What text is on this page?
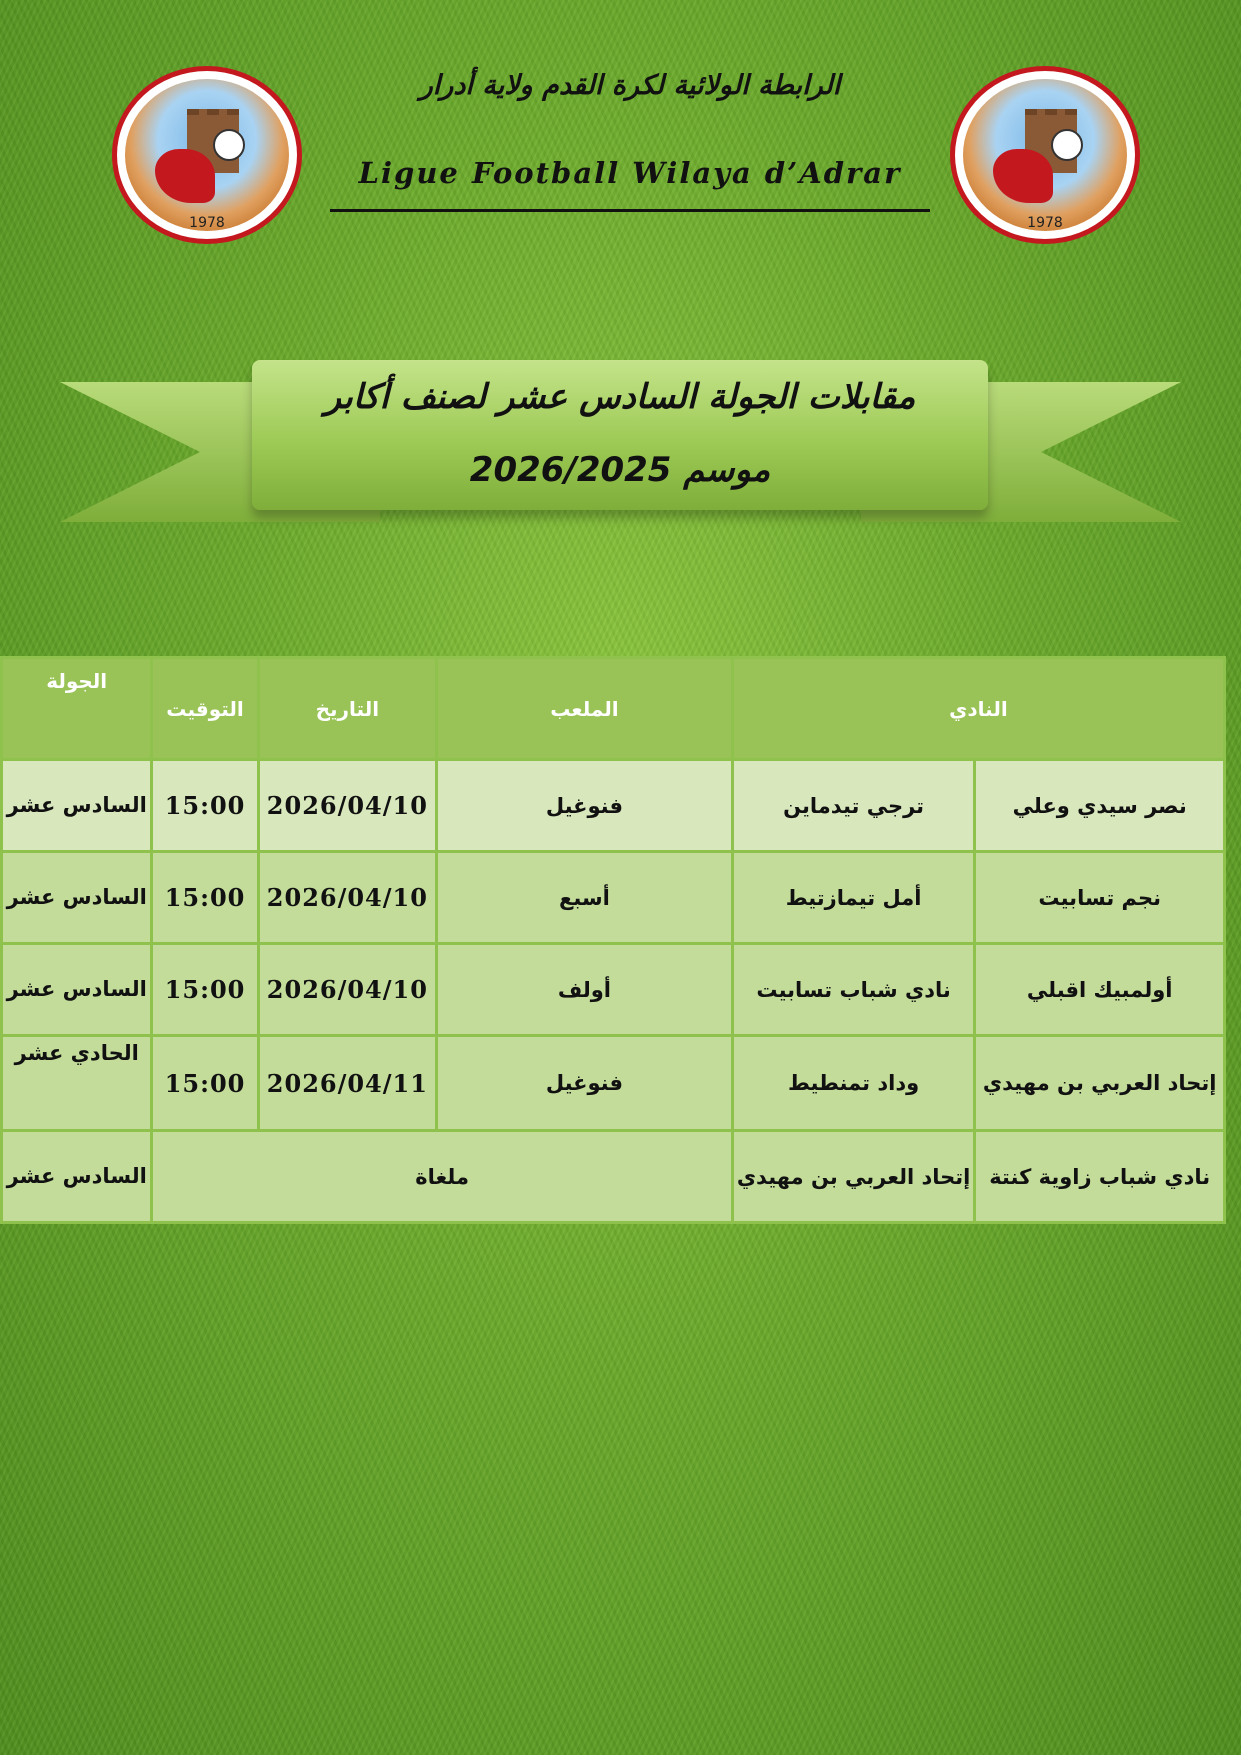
1978	1978
الرابطة الولائية لكرة القدم ولاية أدرار
Ligue Football Wilaya d’Adrar
مقابلات الجولة السادس عشر لصنف أكابر
موسم 2026/2025
النادي		الملعب	التاريخ	التوقيت	الجولة
نصر سيدي وعلي	ترجي تيدماين	فنوغيل	2026/04/10	15:00	السادس عشر
نجم تسابيت	أمل تيمازتيط	أسبع	2026/04/10	15:00	السادس عشر
أولمبيك اقبلي	نادي شباب تسابيت	أولف	2026/04/10	15:00	السادس عشر
إتحاد العربي بن مهيدي	وداد تمنطيط	فنوغيل	2026/04/11	15:00	الحادي عشر
نادي شباب زاوية كنتة	إتحاد العربي بن مهيدي	ملغاة			السادس عشر
